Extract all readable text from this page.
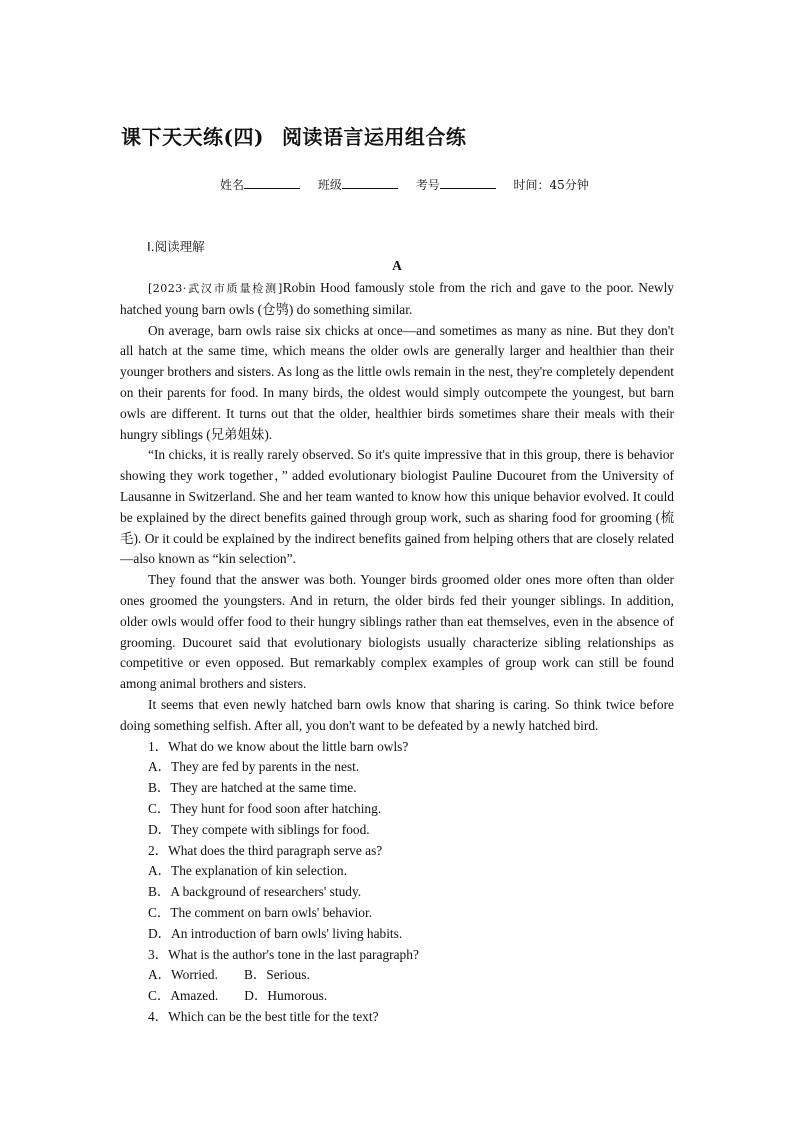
课下天天练(四) 阅读语言运用组合练
姓名	班级	考号	时间：45分钟
Ⅰ.阅读理解
A

[2023·武汉市质量检测]Robin Hood famously stole from the rich and gave to the poor. Newly hatched young barn owls (仓鸮) do something similar.

On average, barn owls raise six chicks at once—and sometimes as many as nine. But they don't all hatch at the same time, which means the older owls are generally larger and healthier than their younger brothers and sisters. As long as the little owls remain in the nest, they're completely dependent on their parents for food. In many birds, the oldest would simply outcompete the youngest, but barn owls are different. It turns out that the older, healthier birds sometimes share their meals with their hungry siblings (兄弟姐妹).

“In chicks, it is really rarely observed. So it's quite impressive that in this group, there is behavior showing they work together，” added evolutionary biologist Pauline Ducouret from the University of Lausanne in Switzerland. She and her team wanted to know how this unique behavior evolved. It could be explained by the direct benefits gained through group work, such as sharing food for grooming (梳毛). Or it could be explained by the indirect benefits gained from helping others that are closely related—also known as “kin selection”.

They found that the answer was both. Younger birds groomed older ones more often than older ones groomed the youngsters. And in return, the older birds fed their younger siblings. In addition, older owls would offer food to their hungry siblings rather than eat themselves, even in the absence of grooming. Ducouret said that evolutionary biologists usually characterize sibling relationships as competitive or even opposed. But remarkably complex examples of group work can still be found among animal brothers and sisters.

It seems that even newly hatched barn owls know that sharing is caring. So think twice before doing something selfish. After all, you don't want to be defeated by a newly hatched bird.

1．What do we know about the little barn owls?
A．They are fed by parents in the nest.
B．They are hatched at the same time.
C．They hunt for food soon after hatching.
D．They compete with siblings for food.
2．What does the third paragraph serve as?
A．The explanation of kin selection.
B．A background of researchers' study.
C．The comment on barn owls' behavior.
D．An introduction of barn owls' living habits.
3．What is the author's tone in the last paragraph?
A．Worried. B．Serious.
C．Amazed. D．Humorous.
4．Which can be the best title for the text?
